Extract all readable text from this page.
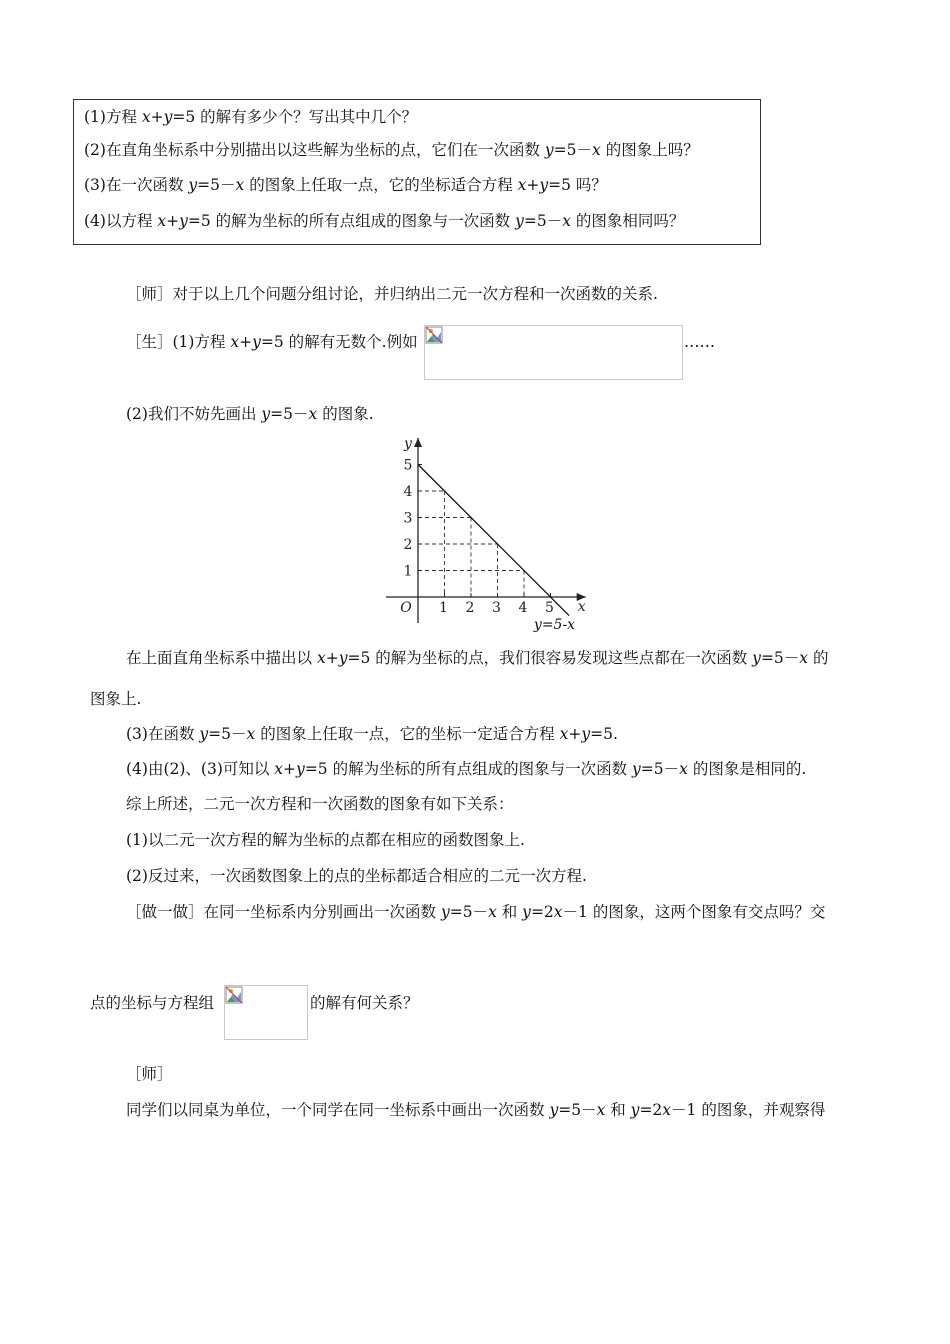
(1)方程 x+y=5 的解有多少个？写出其中几个？
(2)在直角坐标系中分别描出以这些解为坐标的点，它们在一次函数 y=5－x 的图象上吗？
(3)在一次函数 y=5－x 的图象上任取一点，它的坐标适合方程 x+y=5 吗？
(4)以方程 x+y=5 的解为坐标的所有点组成的图象与一次函数 y=5－x 的图象相同吗？
［师］对于以上几个问题分组讨论，并归纳出二元一次方程和一次函数的关系.
［生］(1)方程 x+y=5 的解有无数个.例如	……
(2)我们不妨先画出 y=5－x 的图象.
1 2 3 4 5
1
2
3
4
5
O	x
y
y=5-x
在上面直角坐标系中描出以 x+y=5 的解为坐标的点，我们很容易发现这些点都在一次函数 y=5－x 的
图象上.
(3)在函数 y=5－x 的图象上任取一点，它的坐标一定适合方程 x+y=5.
(4)由(2)、(3)可知以 x+y=5 的解为坐标的所有点组成的图象与一次函数 y=5－x 的图象是相同的.
综上所述，二元一次方程和一次函数的图象有如下关系：
(1)以二元一次方程的解为坐标的点都在相应的函数图象上.
(2)反过来，一次函数图象上的点的坐标都适合相应的二元一次方程.
［做一做］在同一坐标系内分别画出一次函数 y=5－x 和 y=2x－1 的图象，这两个图象有交点吗？交
点的坐标与方程组	的解有何关系？
［师］
同学们以同桌为单位，一个同学在同一坐标系中画出一次函数 y=5－x 和 y=2x－1 的图象，并观察得
